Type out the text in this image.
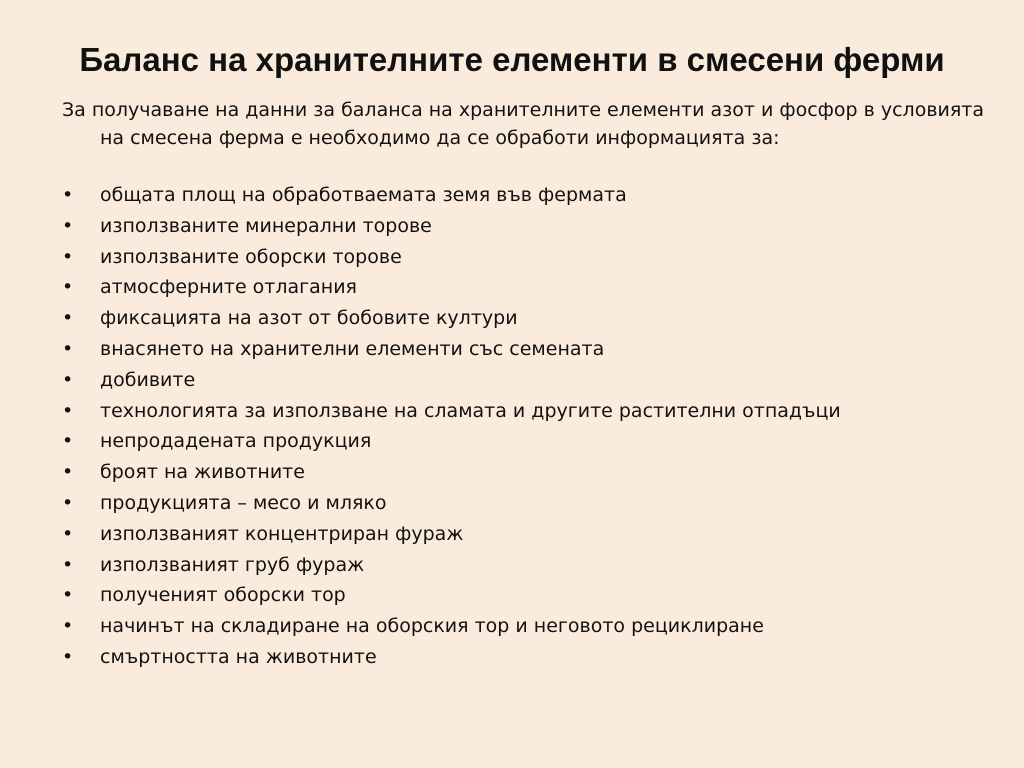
Баланс на хранителните елементи в смесени ферми

За получаване на данни за баланса на хранителните елементи азот и фосфор в условията на смесена ферма е необходимо да се обработи информацията за:

•	общата площ на обработваемата земя във фермата
•	използваните минерални торове
•	използваните оборски торове
•	атмосферните отлагания
•	фиксацията на азот от бобовите култури
•	внасянето на хранителни елементи със семената
•	добивите
•	технологията за използване на сламата и другите растителни отпадъци
•	непродадената продукция
•	броят на животните
•	продукцията – месо и мляко
•	използваният концентриран фураж
•	използваният груб фураж
•	полученият оборски тор
•	начинът на складиране на оборския тор и неговото рециклиране
•	смъртността на животните
